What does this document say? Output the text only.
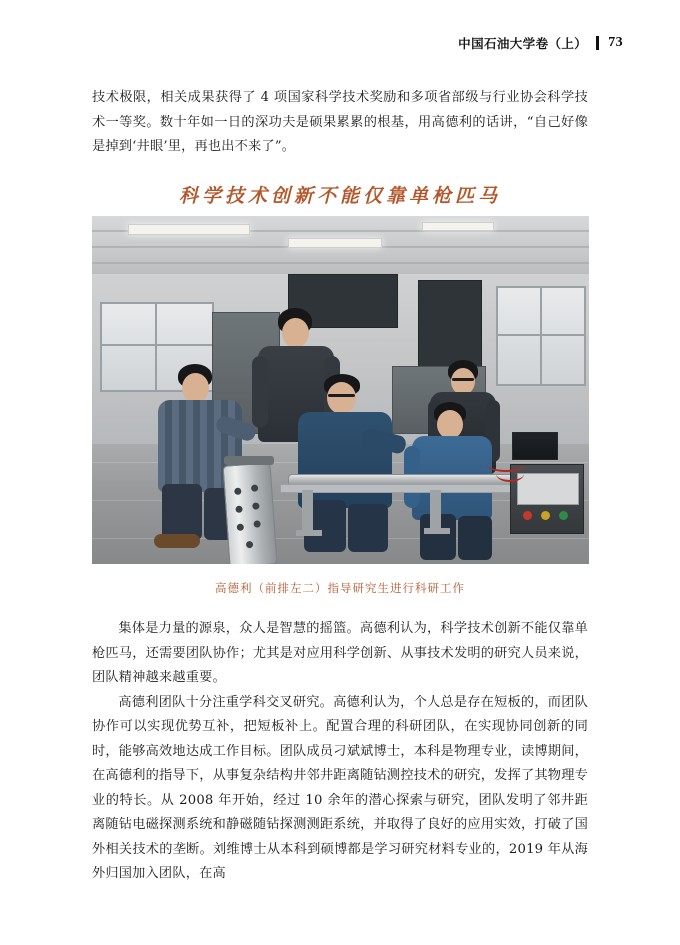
中国石油大学卷（上） 73

技术极限，相关成果获得了 4 项国家科学技术奖励和多项省部级与行业协会科学技术一等奖。数十年如一日的深功夫是硕果累累的根基，用高德利的话讲，“自己好像是掉到‘井眼’里，再也出不来了”。

科学技术创新不能仅靠单枪匹马
高德利（前排左二）指导研究生进行科研工作

集体是力量的源泉，众人是智慧的摇篮。高德利认为，科学技术创新不能仅靠单枪匹马，还需要团队协作；尤其是对应用科学创新、从事技术发明的研究人员来说，团队精神越来越重要。

高德利团队十分注重学科交叉研究。高德利认为，个人总是存在短板的，而团队协作可以实现优势互补，把短板补上。配置合理的科研团队，在实现协同创新的同时，能够高效地达成工作目标。团队成员刁斌斌博士，本科是物理专业，读博期间，在高德利的指导下，从事复杂结构井邻井距离随钻测控技术的研究，发挥了其物理专业的特长。从 2008 年开始，经过 10 余年的潜心探索与研究，团队发明了邻井距离随钻电磁探测系统和静磁随钻探测测距系统，并取得了良好的应用实效，打破了国外相关技术的垄断。刘维博士从本科到硕博都是学习研究材料专业的，2019 年从海外归国加入团队，在高
